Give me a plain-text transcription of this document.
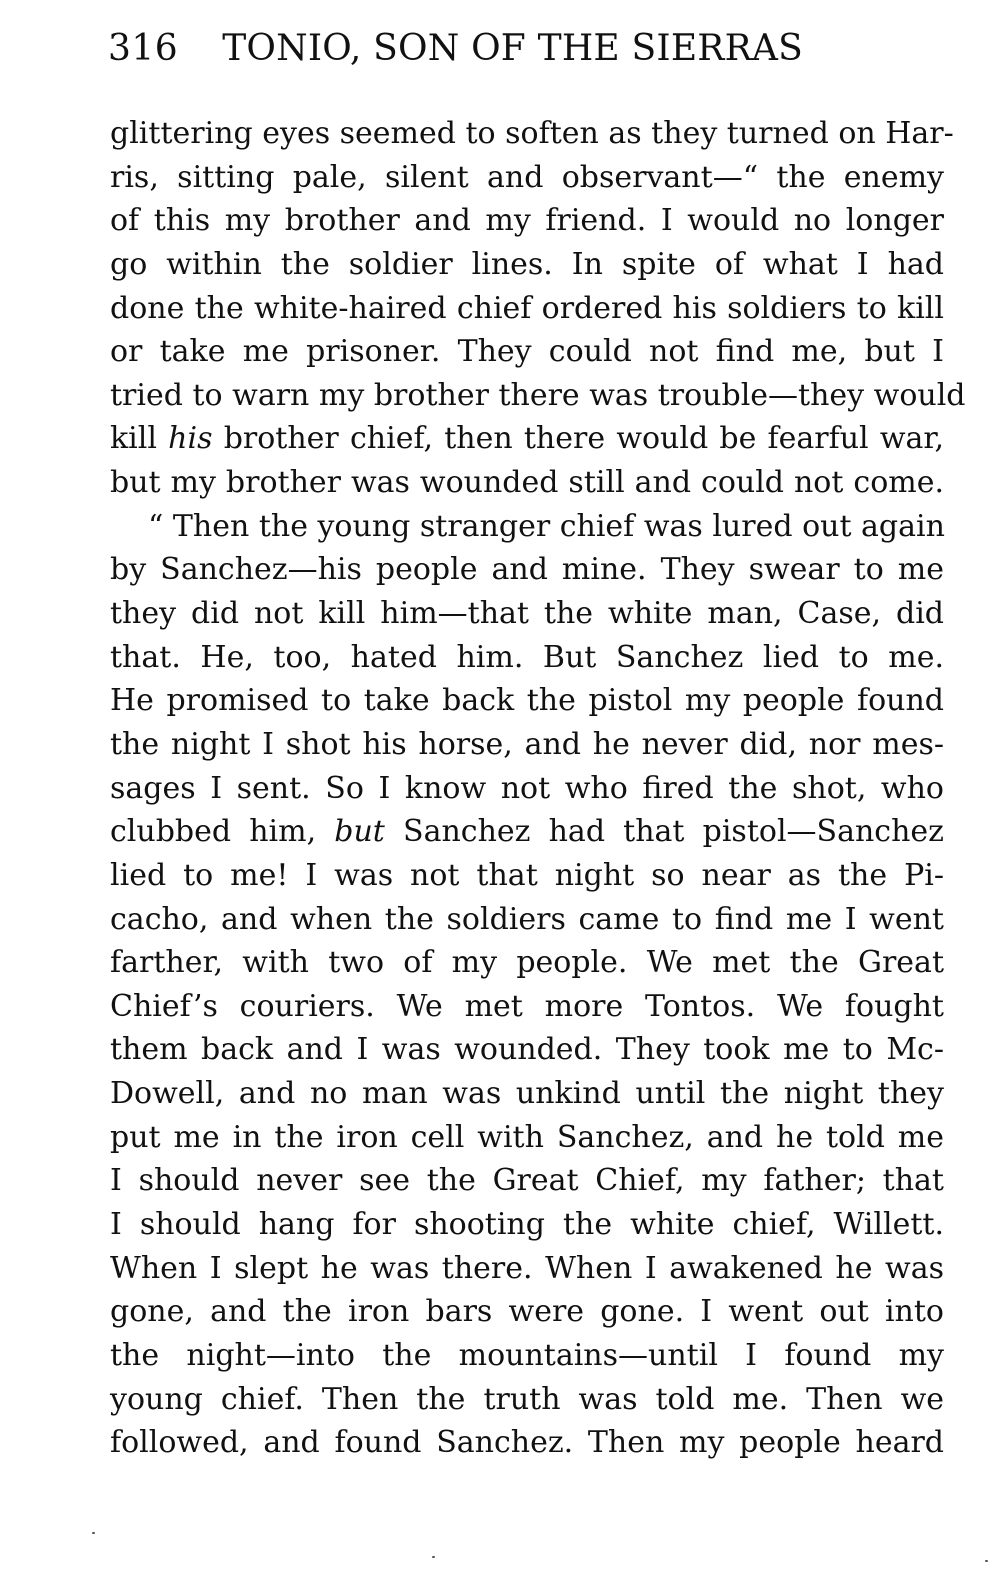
316 TONIO, SON OF THE SIERRAS
glittering eyes seemed to soften as they turned on Har-
ris, sitting pale, silent and observant—“ the enemy
of this my brother and my friend. I would no longer
go within the soldier lines. In spite of what I had
done the white-haired chief ordered his soldiers to kill
or take me prisoner. They could not find me, but I
tried to warn my brother there was trouble—they would
kill his brother chief, then there would be fearful war,
but my brother was wounded still and could not come.
“ Then the young stranger chief was lured out again
by Sanchez—his people and mine. They swear to me
they did not kill him—that the white man, Case, did
that. He, too, hated him. But Sanchez lied to me.
He promised to take back the pistol my people found
the night I shot his horse, and he never did, nor mes-
sages I sent. So I know not who fired the shot, who
clubbed him, but Sanchez had that pistol—Sanchez
lied to me! I was not that night so near as the Pi-
cacho, and when the soldiers came to find me I went
farther, with two of my people. We met the Great
Chief’s couriers. We met more Tontos. We fought
them back and I was wounded. They took me to Mc-
Dowell, and no man was unkind until the night they
put me in the iron cell with Sanchez, and he told me
I should never see the Great Chief, my father; that
I should hang for shooting the white chief, Willett.
When I slept he was there. When I awakened he was
gone, and the iron bars were gone. I went out into
the night—into the mountains—until I found my
young chief. Then the truth was told me. Then we
followed, and found Sanchez. Then my people heard
